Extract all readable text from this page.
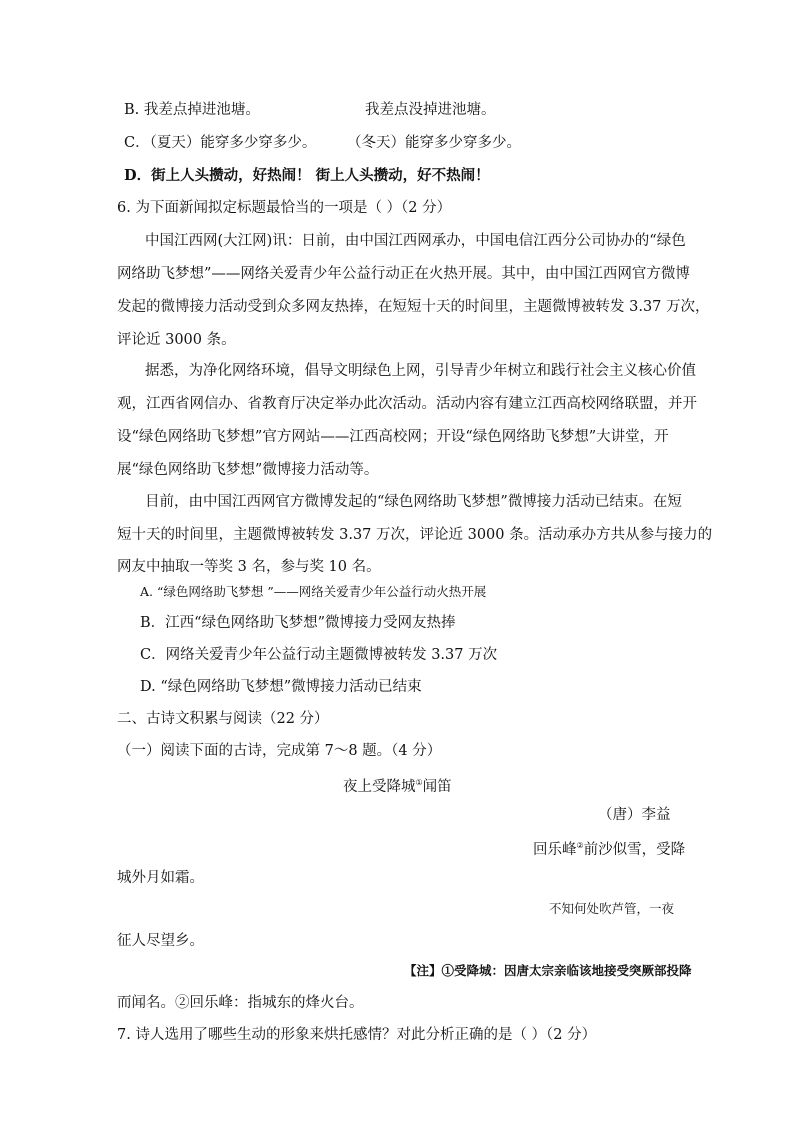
B. 我差点掉进池塘。	我差点没掉进池塘。
C．（夏天）能穿多少穿多少。 （冬天）能穿多少穿多少。
D．街上人头攒动，好热闹！ 街上人头攒动，好不热闹！
6. 为下面新闻拟定标题最恰当的一项是（ ）（2 分）
中国江西网(大江网)讯：日前，由中国江西网承办，中国电信江西分公司协办的“绿色
网络助飞梦想”——网络关爱青少年公益行动正在火热开展。其中，由中国江西网官方微博
发起的微博接力活动受到众多网友热捧，在短短十天的时间里，主题微博被转发 3.37 万次，
评论近 3000 条。
据悉，为净化网络环境，倡导文明绿色上网，引导青少年树立和践行社会主义核心价值
观，江西省网信办、省教育厅决定举办此次活动。活动内容有建立江西高校网络联盟，并开
设“绿色网络助飞梦想”官方网站——江西高校网；开设“绿色网络助飞梦想”大讲堂，开
展“绿色网络助飞梦想”微博接力活动等。
目前，由中国江西网官方微博发起的“绿色网络助飞梦想”微博接力活动已结束。在短
短十天的时间里，主题微博被转发 3.37 万次，评论近 3000 条。活动承办方共从参与接力的
网友中抽取一等奖 3 名，参与奖 10 名。
A. “绿色网络助飞梦想 ”——网络关爱青少年公益行动火热开展
B．江西“绿色网络助飞梦想”微博接力受网友热捧
C．网络关爱青少年公益行动主题微博被转发 3.37 万次
D. “绿色网络助飞梦想”微博接力活动已结束
二、古诗文积累与阅读（22 分）
（一）阅读下面的古诗，完成第 7～8 题。（4 分）
夜上受降城①闻笛
（唐）李益
回乐峰②前沙似雪，受降
城外月如霜。
不知何处吹芦管，一夜
征人尽望乡。
【注】①受降城：因唐太宗亲临该地接受突厥部投降
而闻名。②回乐峰：指城东的烽火台。
7. 诗人选用了哪些生动的形象来烘托感情？对此分析正确的是（ ）（2 分）
